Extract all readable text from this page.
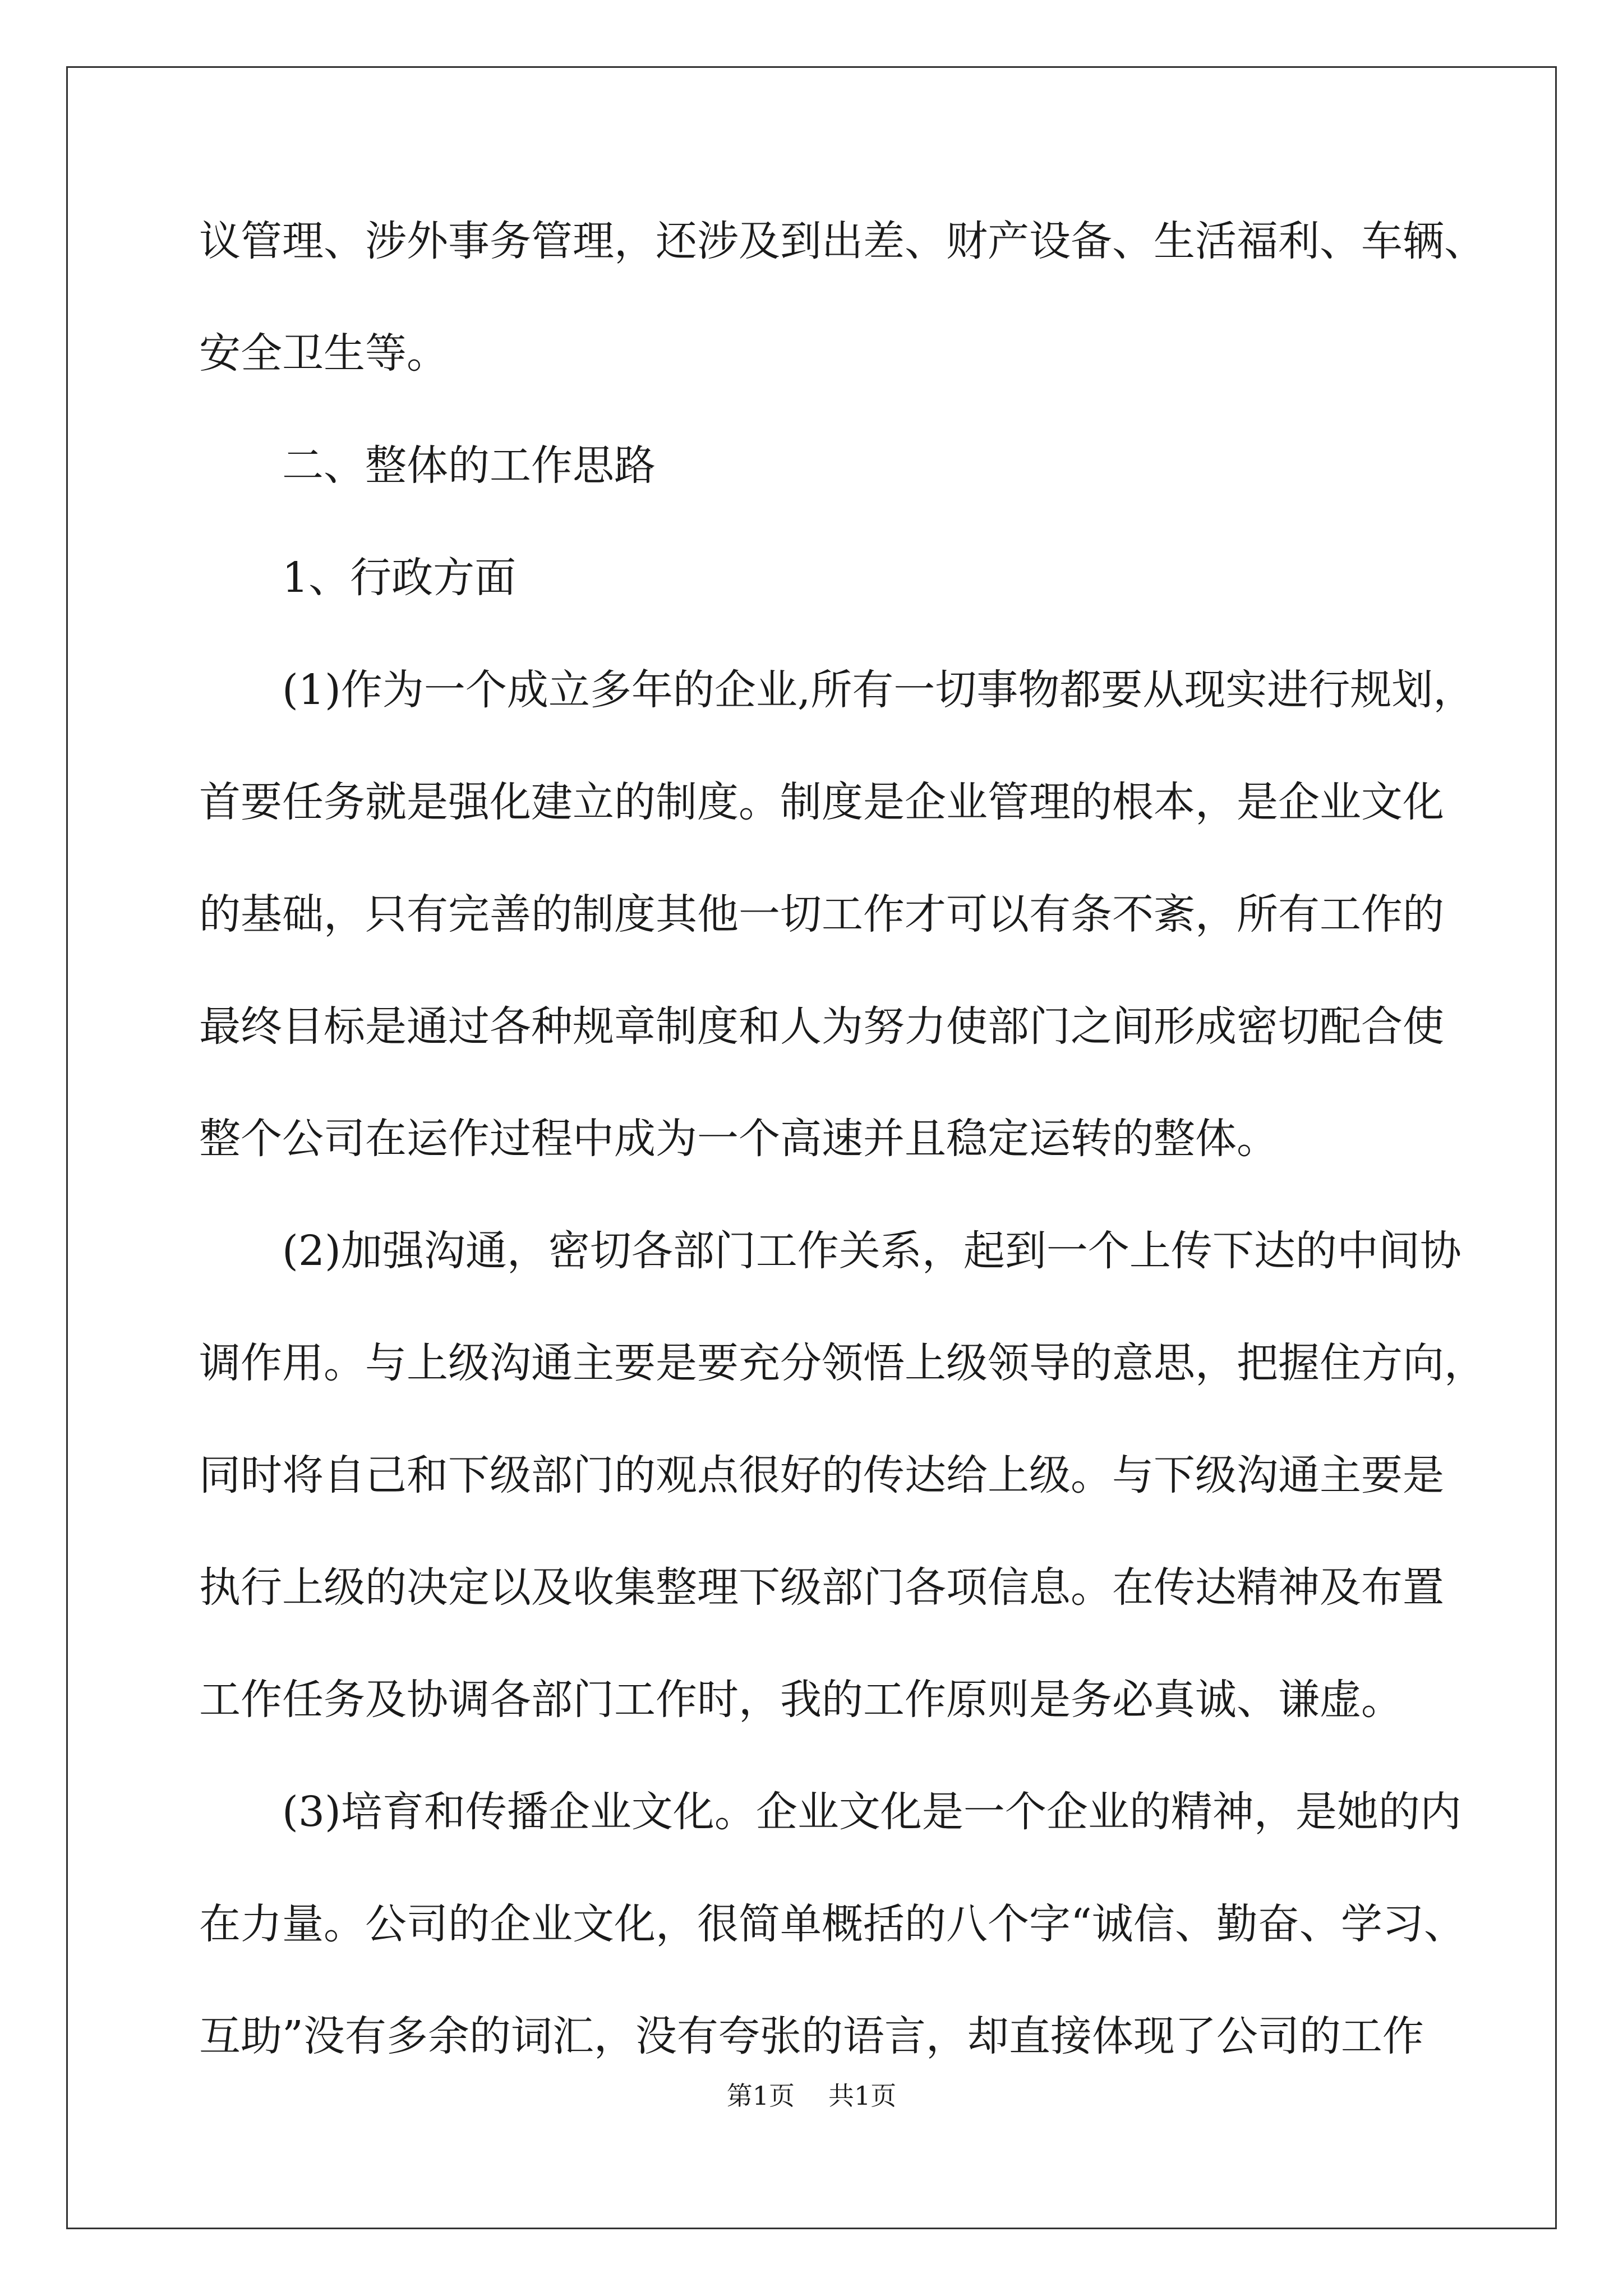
议管理、涉外事务管理，还涉及到出差、财产设备、生活福利、车辆、
安全卫生等。
二、整体的工作思路
1、行政方面
(1)作为一个成立多年的企业,所有一切事物都要从现实进行规划，
首要任务就是强化建立的制度。制度是企业管理的根本，是企业文化
的基础，只有完善的制度其他一切工作才可以有条不紊，所有工作的
最终目标是通过各种规章制度和人为努力使部门之间形成密切配合使
整个公司在运作过程中成为一个高速并且稳定运转的整体。
(2)加强沟通，密切各部门工作关系，起到一个上传下达的中间协
调作用。与上级沟通主要是要充分领悟上级领导的意思，把握住方向，
同时将自己和下级部门的观点很好的传达给上级。与下级沟通主要是
执行上级的决定以及收集整理下级部门各项信息。在传达精神及布置
工作任务及协调各部门工作时，我的工作原则是务必真诚、谦虚。
(3)培育和传播企业文化。企业文化是一个企业的精神，是她的内
在力量。公司的企业文化，很简单概括的八个字“诚信、勤奋、学习、
互助”没有多余的词汇，没有夸张的语言，却直接体现了公司的工作
第1页 共1页
